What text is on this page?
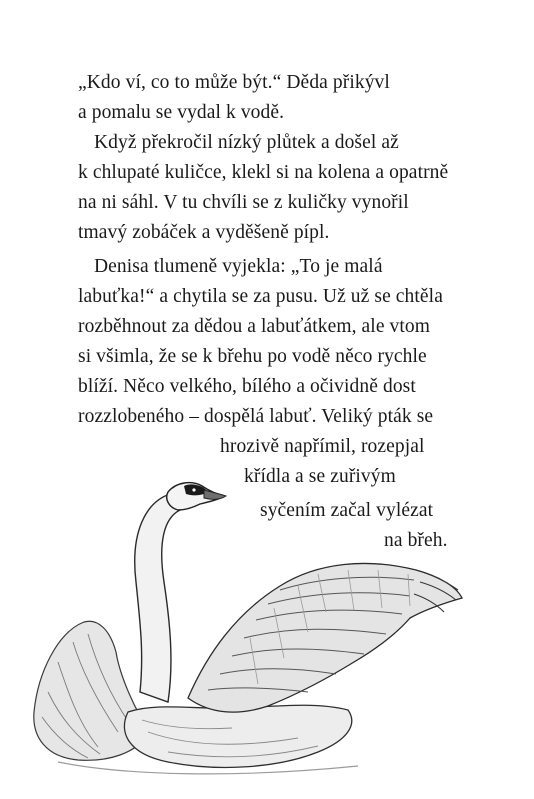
„Kdo ví, co to může být.“ Děda přikývl
a pomalu se vydal k vodě.
Když překročil nízký plůtek a došel až
k chlupaté kuličce, klekl si na kolena a opatrně
na ni sáhl. V tu chvíli se z kuličky vynořil
tmavý zobáček a vyděšeně pípl.
Denisa tlumeně vyjekla: „To je malá
labuťka!“ a chytila se za pusu. Už už se chtěla
rozběhnout za dědou a labuťátkem, ale vtom
si všimla, že se k břehu po vodě něco rychle
blíží. Něco velkého, bílého a očividně dost
rozzlobeného – dospělá labuť. Veliký pták se
hrozivě napřímil, rozepjal
křídla a se zuřivým
syčením začal vylézat
na břeh.
